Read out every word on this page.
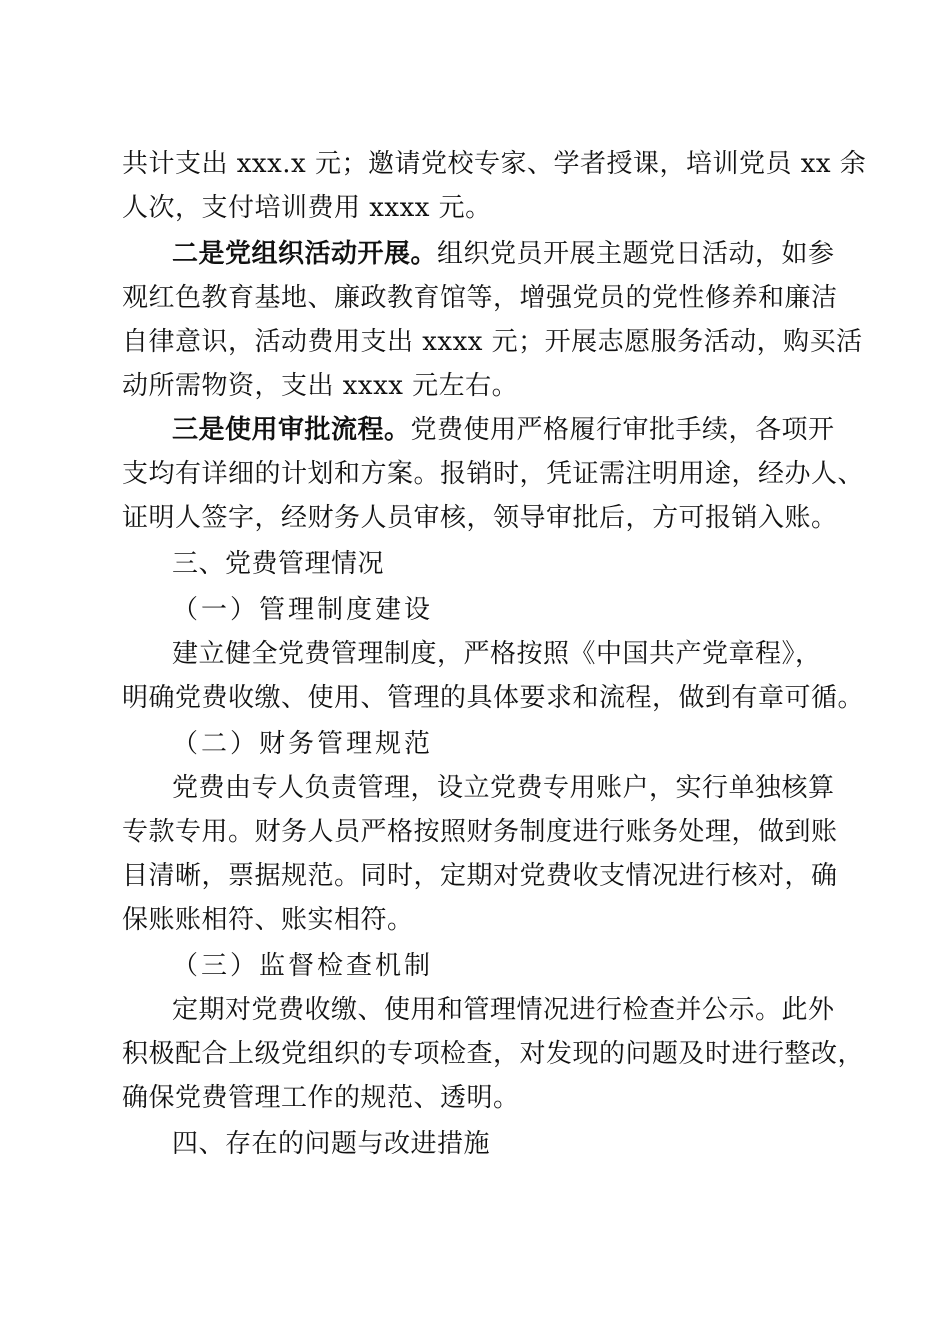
共计支出 xxx.x 元；邀请党校专家、学者授课，培训党员 xx 余
人次，支付培训费用 xxxx 元。
二是党组织活动开展。组织党员开展主题党日活动，如参
观红色教育基地、廉政教育馆等，增强党员的党性修养和廉洁
自律意识，活动费用支出 xxxx 元；开展志愿服务活动，购买活
动所需物资，支出 xxxx 元左右。
三是使用审批流程。党费使用严格履行审批手续，各项开
支均有详细的计划和方案。报销时，凭证需注明用途，经办人、
证明人签字，经财务人员审核，领导审批后，方可报销入账。
三、党费管理情况
（一）管理制度建设
建立健全党费管理制度，严格按照《中国共产党章程》，
明确党费收缴、使用、管理的具体要求和流程，做到有章可循。
（二）财务管理规范
党费由专人负责管理，设立党费专用账户，实行单独核算
专款专用。财务人员严格按照财务制度进行账务处理，做到账
目清晰，票据规范。同时，定期对党费收支情况进行核对，确
保账账相符、账实相符。
（三）监督检查机制
定期对党费收缴、使用和管理情况进行检查并公示。此外
积极配合上级党组织的专项检查，对发现的问题及时进行整改，
确保党费管理工作的规范、透明。
四、存在的问题与改进措施
